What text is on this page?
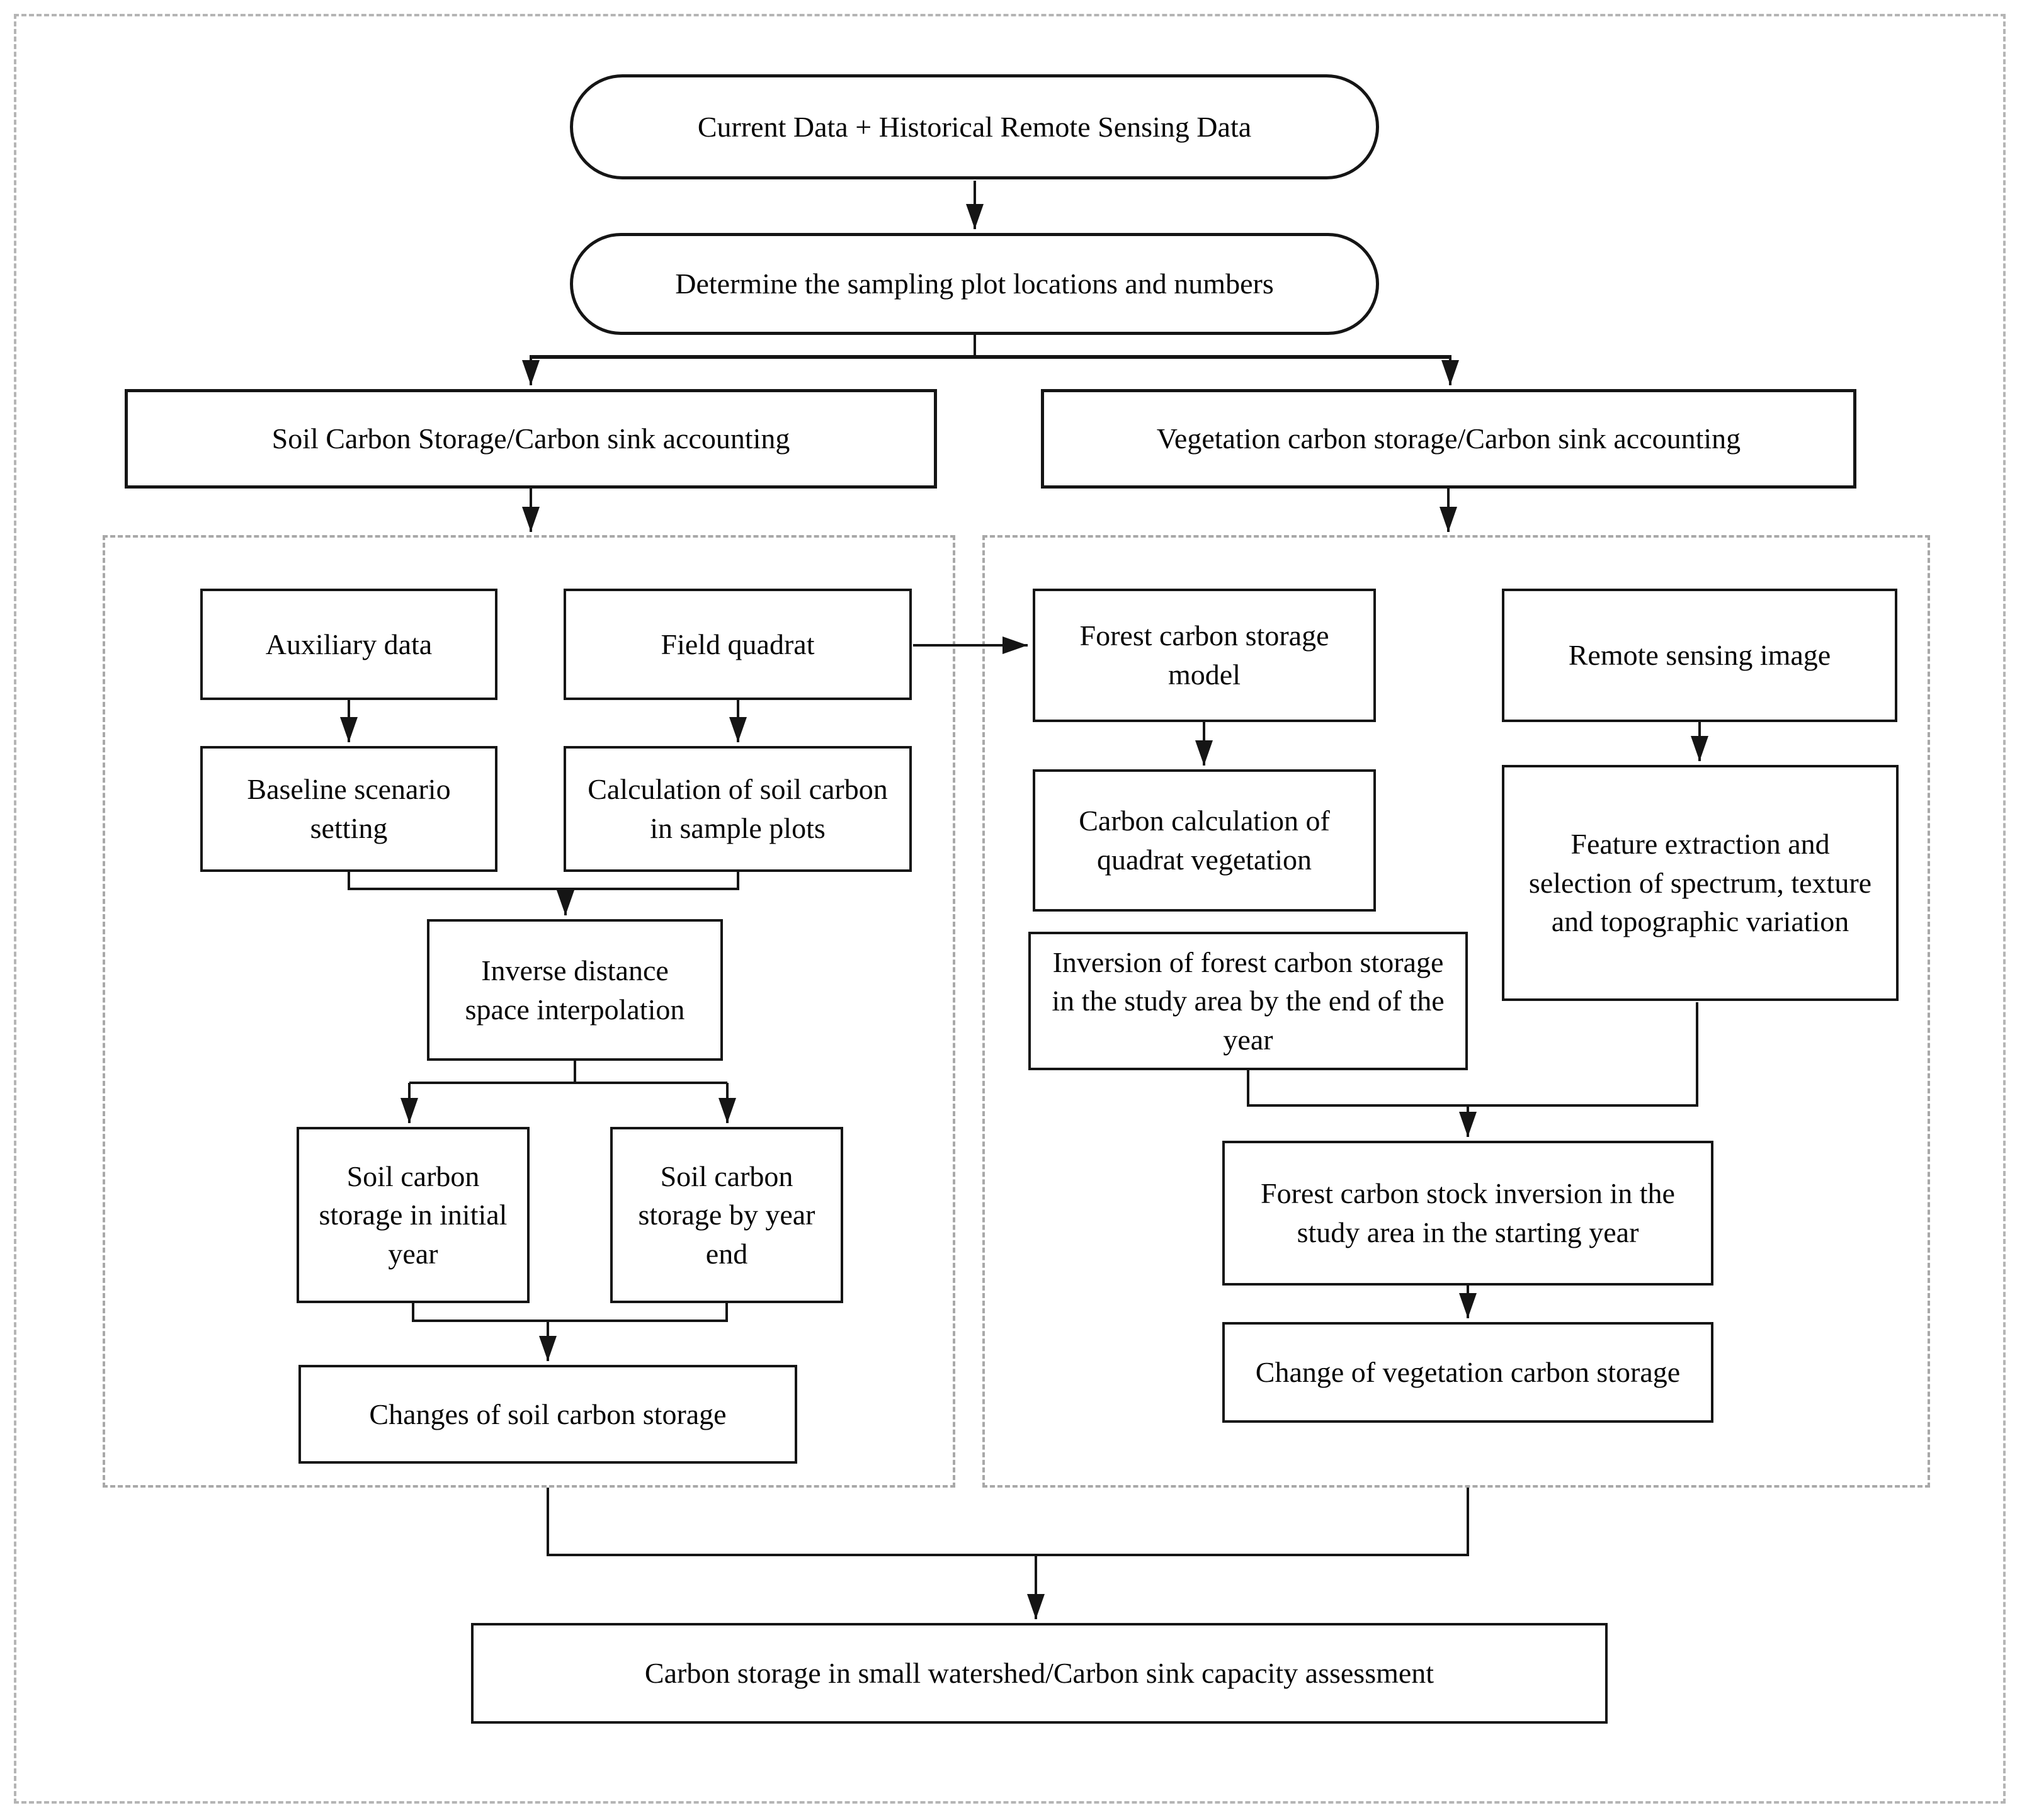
Current Data + Historical Remote Sensing Data
Determine the sampling plot locations and numbers
Soil Carbon Storage/Carbon sink accounting	Vegetation carbon storage/Carbon sink accounting
Auxiliary data	Field quadrat
Baseline scenario setting
Calculation of soil carbon in sample plots
Inverse distance space interpolation
Soil carbon storage in initial year
Soil carbon storage by year end
Changes of soil carbon storage
Forest carbon storage model
Remote sensing image
Carbon calculation of quadrat vegetation	Feature extraction and selection of spectrum, texture and topographic variation
Inversion of forest carbon storage in the study area by the end of the year
Forest carbon stock inversion in the study area in the starting year
Change of vegetation carbon storage
Carbon storage in small watershed/Carbon sink capacity assessment
